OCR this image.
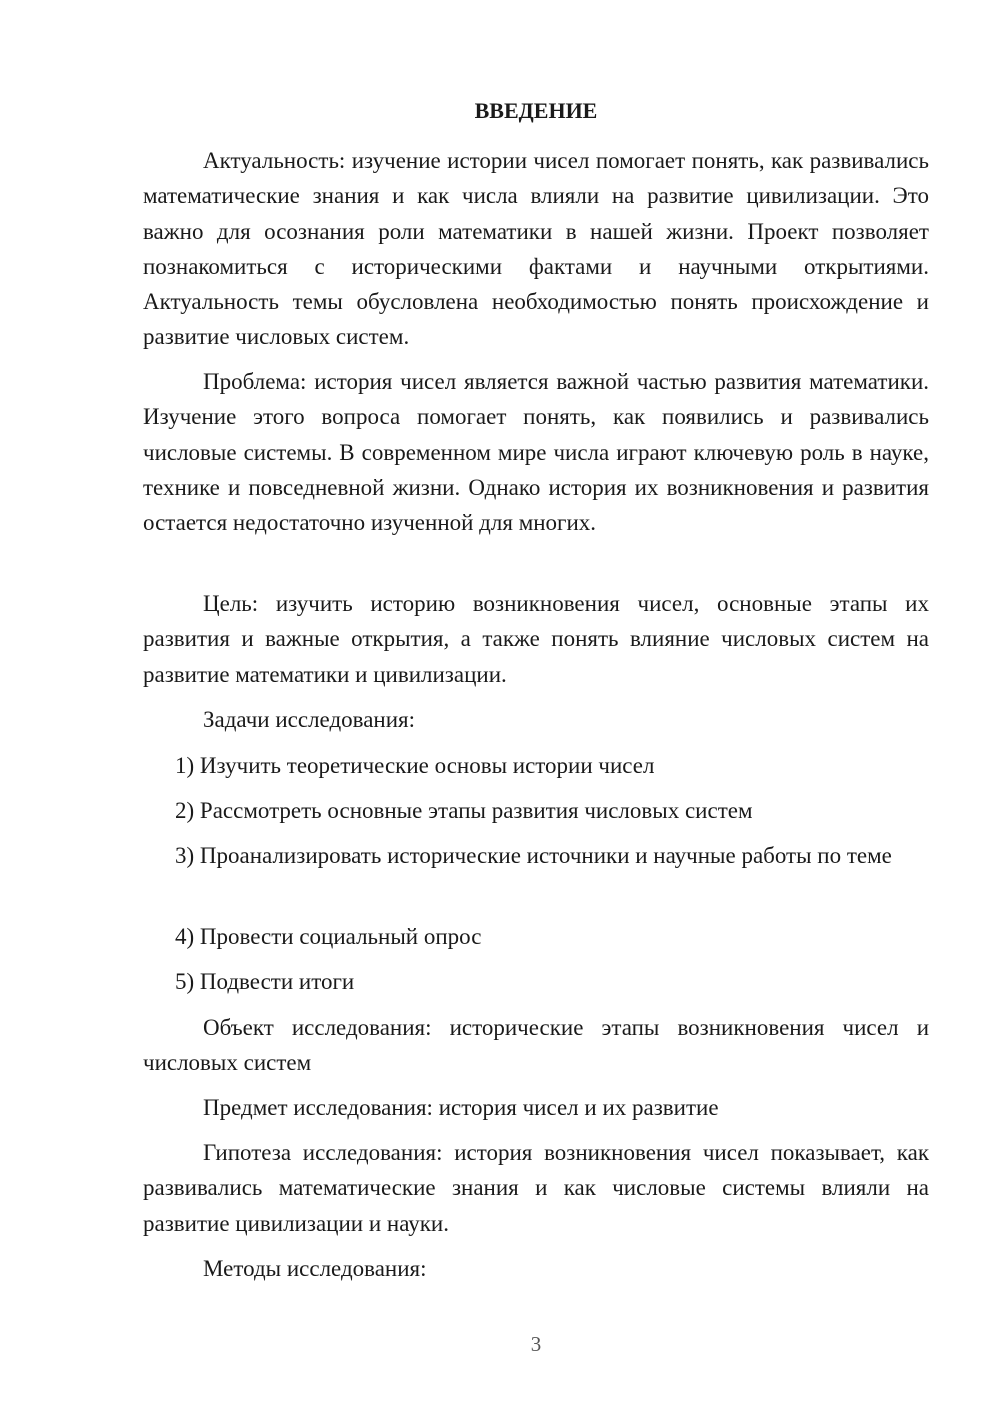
ВВЕДЕНИЕ

Актуальность: изучение истории чисел помогает понять, как развивались математические знания и как числа влияли на развитие цивилизации. Это важно для осознания роли математики в нашей жизни. Проект позволяет познакомиться с историческими фактами и научными открытиями. Актуальность темы обусловлена необходимостью понять происхождение и развитие числовых систем.

Проблема: история чисел является важной частью развития математики. Изучение этого вопроса помогает понять, как появились и развивались числовые системы. В современном мире числа играют ключевую роль в науке, технике и повседневной жизни. Однако история их возникновения и развития остается недостаточно изученной для многих.

Цель: изучить историю возникновения чисел, основные этапы их развития и важные открытия, а также понять влияние числовых систем на развитие математики и цивилизации.

Задачи исследования:

1) Изучить теоретические основы истории чисел

2) Рассмотреть основные этапы развития числовых систем

3) Проанализировать исторические источники и научные работы по теме

4) Провести социальный опрос

5) Подвести итоги

Объект исследования: исторические этапы возникновения чисел и числовых систем

Предмет исследования: история чисел и их развитие

Гипотеза исследования: история возникновения чисел показывает, как развивались математические знания и как числовые системы влияли на развитие цивилизации и науки.

Методы исследования:

3
